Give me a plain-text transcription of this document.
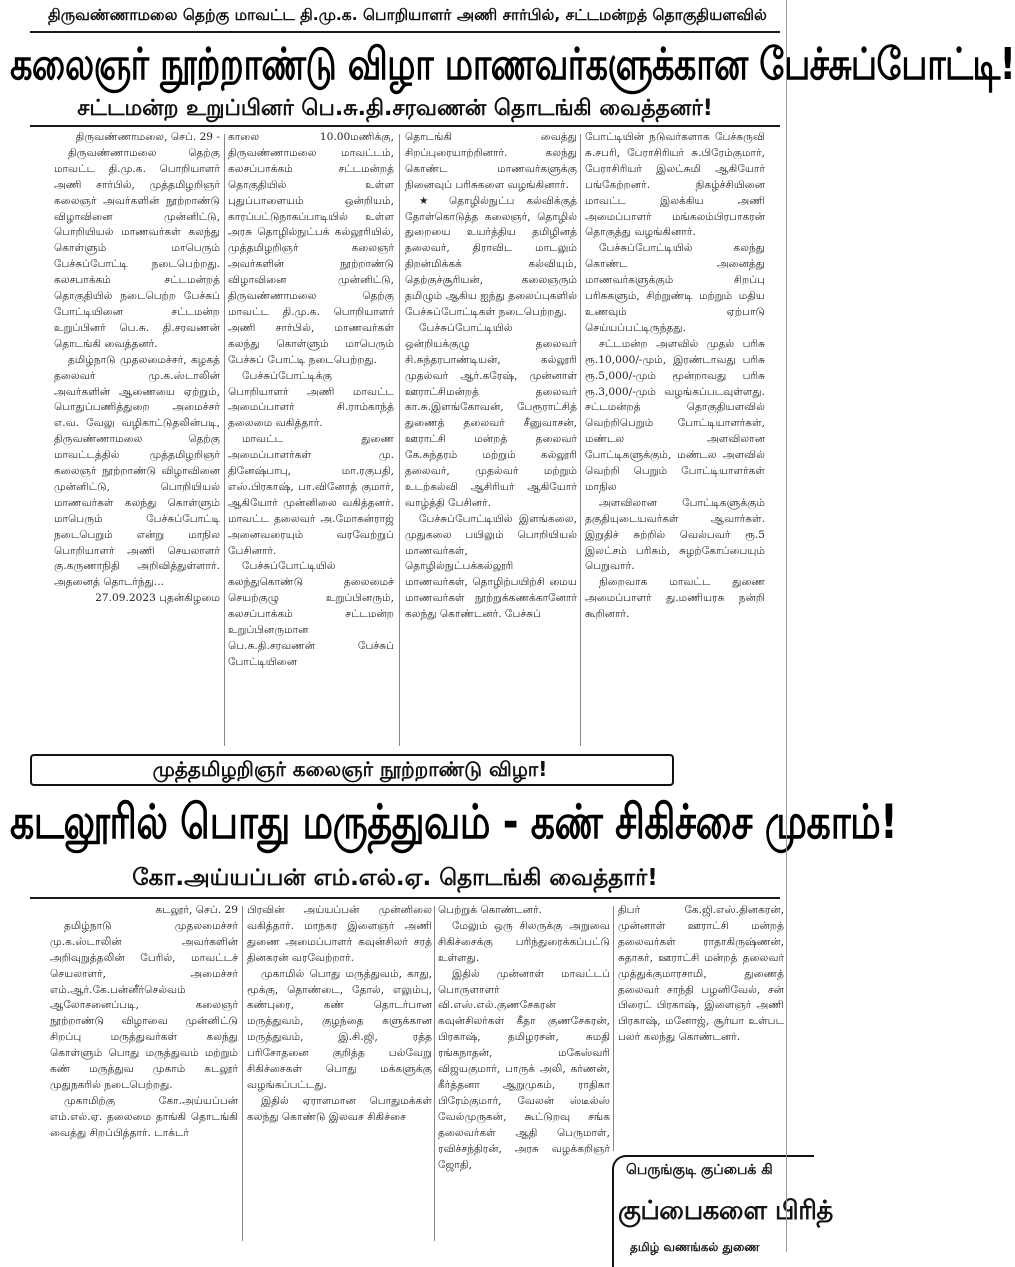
திருவண்ணாமலை தெற்கு மாவட்ட தி.மு.க. பொறியாளர் அணி சார்பில், சட்டமன்றத் தொகுதியளவில்
கலைஞர் நூற்றாண்டு விழா மாணவர்களுக்கான பேச்சுப்போட்டி!
சட்டமன்ற உறுப்பினர் பெ.சு.தி.சரவணன் தொடங்கி வைத்தனர்!

திருவண்ணாமலை, செப். 29 -

திருவண்ணாமலை தெற்கு மாவட்ட தி.மு.க. பொறியாளர் அணி சார்பில், முத்தமிழறிஞர் கலைஞர் அவர்களின் நூற்றாண்டு விழாவினை முன்னிட்டு, பொறியியல் மாணவர்கள் கலந்து கொள்ளும் மாபெரும் பேச்சுப்போட்டி நடைபெற்றது. கலசபாக்கம் சட்டமன்றத் தொகுதியில் நடைபெற்ற பேச்சுப் போட்டியினை சட்டமன்ற உறுப்பினர் பெ.சு. தி.சரவணன் தொடங்கி வைத்தனர்.

தமிழ்நாடு முதலமைச்சர், கழகத் தலைவர் மு.க.ஸ்டாலின் அவர்களின் ஆணையை ஏற்றும், பொதுப்பணித்துறை அமைச்சர் எ.வ. வேலு வழிகாட்டுதலின்படி, திருவண்ணாமலை தெற்கு மாவட்டத்தில் முத்தமிழறிஞர் கலைஞர் நூற்றாண்டு விழாவினை முன்னிட்டு, பொறியியல் மாணவர்கள் கலந்து கொள்ளும் மாபெரும் பேச்சுப்போட்டி நடைபெறும் என்று மாநில பொறியாளர் அணி செயலாளர் கு.கருணாநிதி அறிவித்துள்ளார். அதனைத் தொடர்ந்து...

27.09.2023 புதன்கிழமை

காலை 10.00மணிக்கு, திருவண்ணாமலை மாவட்டம், கலசப்பாக்கம் சட்டமன்றத் தொகுதியில் உள்ள புதுப்பாளையம் ஒன்றியம், காரப்பட்டுநாகப்பாடியில் உள்ள அரசு தொழில்நுட்பக் கல்லூரியில், முத்தமிழறிஞர் கலைஞர் அவர்களின் நூற்றாண்டு விழாவினை முன்னிட்டு, திருவண்ணாமலை தெற்கு மாவட்ட தி.மு.க. பொறியாளர் அணி சார்பில், மாணவர்கள் கலந்து கொள்ளும் மாபெரும் பேச்சுப் போட்டி நடைபெற்றது.

பேச்சுப்போட்டிக்கு பொறியாளர் அணி மாவட்ட அமைப்பாளர் சி.ராம்காந்த் தலைமை வகித்தார்.

மாவட்ட துணை அமைப்பாளர்கள் மு. தினேஷ்பாபு, மா.ரகுபதி, எஸ்.பிரகாஷ், பா.வினோத் குமார், ஆகியோர் முன்னிலை வகித்தனர். மாவட்ட தலைவர் அ.மோகன்ராஜ் அனைவரையும் வரவேற்றுப் பேசினார்.

பேச்சுப்போட்டியில் கலந்துகொண்டு தலைமைச் செயற்குழு உறுப்பினரும், கலசப்பாக்கம் சட்டமன்ற உறுப்பினருமான பெ.சு.தி.சரவணன் பேச்சுப் போட்டியினை

தொடங்கி வைத்து சிறப்புரையாற்றினார். கலந்து கொண்ட மாணவர்களுக்கு நினைவுப் பரிசுகளை வழங்கினார்.

★ தொழில்நுட்ப கல்விக்குத் தோள்கொடுத்த கலைஞர், தொழில் துறையை உயர்த்திய தமிழினத் தலைவர், திராவிட மாடலும் திறன்மிக்கக் கல்வியும், தெற்குச்சூரியன், கலைஞரும் தமிழும் ஆகிய ஐந்து தலைப்புகளில் பேச்சுப்போட்டிகள் நடைபெற்றது.

பேச்சுப்போட்டியில் ஒன்றியக்குழு தலைவர் சி.சுந்தரபாண்டியன், கல்லூரி முதல்வர் ஆர்.கரேஷ், முன்னாள் ஊராட்சிமன்றத் தலைவர் கா.சு.இளங்கோவன், பேரூராட்சித் துணைத் தலைவர் சீனுவாசன், ஊராட்சி மன்றத் தலைவர் கே.சுந்தரம் மற்றும் கல்லூரி தலைவர், முதல்வர் மற்றும் உடற்கல்வி ஆசிரியர் ஆகியோர் வாழ்த்தி பேசினர்.

பேச்சுப்போட்டியில் இளங்கலை, முதுகலை பயிலும் பொறியியல் மாணவர்கள், தொழில்நுட்பக்கல்லூரி மாணவர்கள், தொழிற்பயிற்சி மைய மாணவர்கள் நூற்றுக்கணக்கானோர் கலந்து கொண்டனர். பேச்சுப்

போட்டியின் நடுவர்களாக பேச்சுருவி சு.சபரி, பேராசிரியர் சு.பிரேம்குமார், பேராசிரியர் இலட்சுமி ஆகியோர் பங்கேற்றனர். நிகழ்ச்சியினை மாவட்ட இலக்கிய அணி அமைப்பாளர் மங்கலம்பிரபாகரன் தொகுத்து வழங்கினார்.

பேச்சுப்போட்டியில் கலந்து கொண்ட அனைத்து மாணவர்களுக்கும் சிறப்பு பரிசுகளும், சிற்றுண்டி மற்றும் மதிய உணவும் ஏற்பாடு செய்யப்பட்டிருந்தது.

சட்டமன்ற அளவில் முதல் பரிசு ரூ.10,000/-மும், இரண்டாவது பரிசு ரூ.5,000/-மும் மூன்றாவது பரிசு ரூ.3,000/-மும் வழங்கப்படவுள்ளது. சட்டமன்றத் தொகுதியளவில் வெற்றிபெறும் போட்டியாளர்கள், மண்டல அளவிலான போட்டிகளுக்கும், மண்டல அளவில் வெற்றி பெறும் போட்டியாளர்கள் மாநில

அளவிலான போட்டிகளுக்கும் தகுதியுடையவர்கள் ஆவார்கள். இறுதிச் சுற்றில் வெல்பவர் ரூ.5 இலட்சம் பரிசும், சுழற்கோப்பையும் பெறுவார்.

நிறைவாக மாவட்ட துணை அமைப்பாளர் து.மணியரசு நன்றி கூறினார்.

முத்தமிழறிஞர் கலைஞர் நூற்றாண்டு விழா!
கடலூரில் பொது மருத்துவம் - கண் சிகிச்சை முகாம்!
கோ.அய்யப்பன் எம்.எல்.ஏ. தொடங்கி வைத்தார்!

கடலூர், செப். 29

தமிழ்நாடு முதலமைச்சர் மு.க.ஸ்டாலின் அவர்களின் அறிவுறுத்தலின் பேரில், மாவட்டச் செயலாளர், அமைச்சர் எம்.ஆர்.கே.பன்னீர்செல்வம் ஆலோசனைப்படி, கலைஞர் நூற்றாண்டு விழாவை முன்னிட்டு சிறப்பு மருத்துவர்கள் கலந்து கொள்ளும் பொது மருத்துவம் மற்றும் கண் மருத்துவ முகாம் கடலூர் முதுநகரில் நடைபெற்றது.

முகாமிற்கு கோ.அய்யப்பன் எம்.எல்.ஏ. தலைமை தாங்கி தொடங்கி வைத்து சிறப்பித்தார். டாக்டர்

பிரவின் அய்யப்பன் முன்னிலை வகித்தார். மாநகர இளைஞர் அணி துணை அமைப்பாளர் கவுன்சிலர் சரத் தினகரன் வரவேற்றார்.

முகாமில் பொது மருத்துவம், காது, மூக்கு, தொண்டை, தோல், எலும்பு, கண்புரை, கண் தொடர்பான மருத்துவம், குழந்தை களுக்கான மருத்துவம், இ.சி.ஜி, ரத்த பரிசோதனை குறித்த பல்வேறு சிகிச்சைகள் பொது மக்களுக்கு வழங்கப்பட்டது.

இதில் ஏராளமான பொதுமக்கள் கலந்து கொண்டு இலவச சிகிச்சை

பெற்றுக் கொண்டனர்.

மேலும் ஒரு சிலருக்கு அறுவை சிகிச்சைக்கு பரிந்துரைக்கப்பட்டு உள்ளது.

இதில் முன்னாள் மாவட்டப் பொருளாளர் வி.எஸ்.எல்.குணசேகரன் கவுன்சிலர்கள் கீதா குணசேகரன், பிரகாஷ், தமிழரசன், சுமதி ரங்கநாதன், மகேஸ்வரி விஜயகுமார், பாருக் அலி, கர்ணன், கீர்த்தனா ஆறுமுகம், ராதிகா பிரேம்குமார், வேலன் ஸ்டீல்ஸ் வேல்முருகன், கூட்டுறவு சங்க தலைவர்கள் ஆதி பெருமாள், ரவிச்சந்திரன், அரசு வழக்கறிஞர் ஜோதி,

திபர் கே.ஜி.எஸ்.தினகரன், முன்னாள் ஊராட்சி மன்றத் தலைவர்கள் ராதாகிருஷ்ணன், சுதாகர், ஊராட்சி மன்றத் தலைவர் முத்துக்குமாரசாமி, துணைத் தலைவர் சாந்தி பழனிவேல், சன் பிரைட் பிரகாஷ், இளைஞர் அணி பிரகாஷ், மனோஜ், சூர்யா உள்பட பலர் கலந்து கொண்டனர்.

பெருங்குடி குப்பைக் கி
குப்பைகளை பிரித்
தமிழ் வணங்கல் துணை
